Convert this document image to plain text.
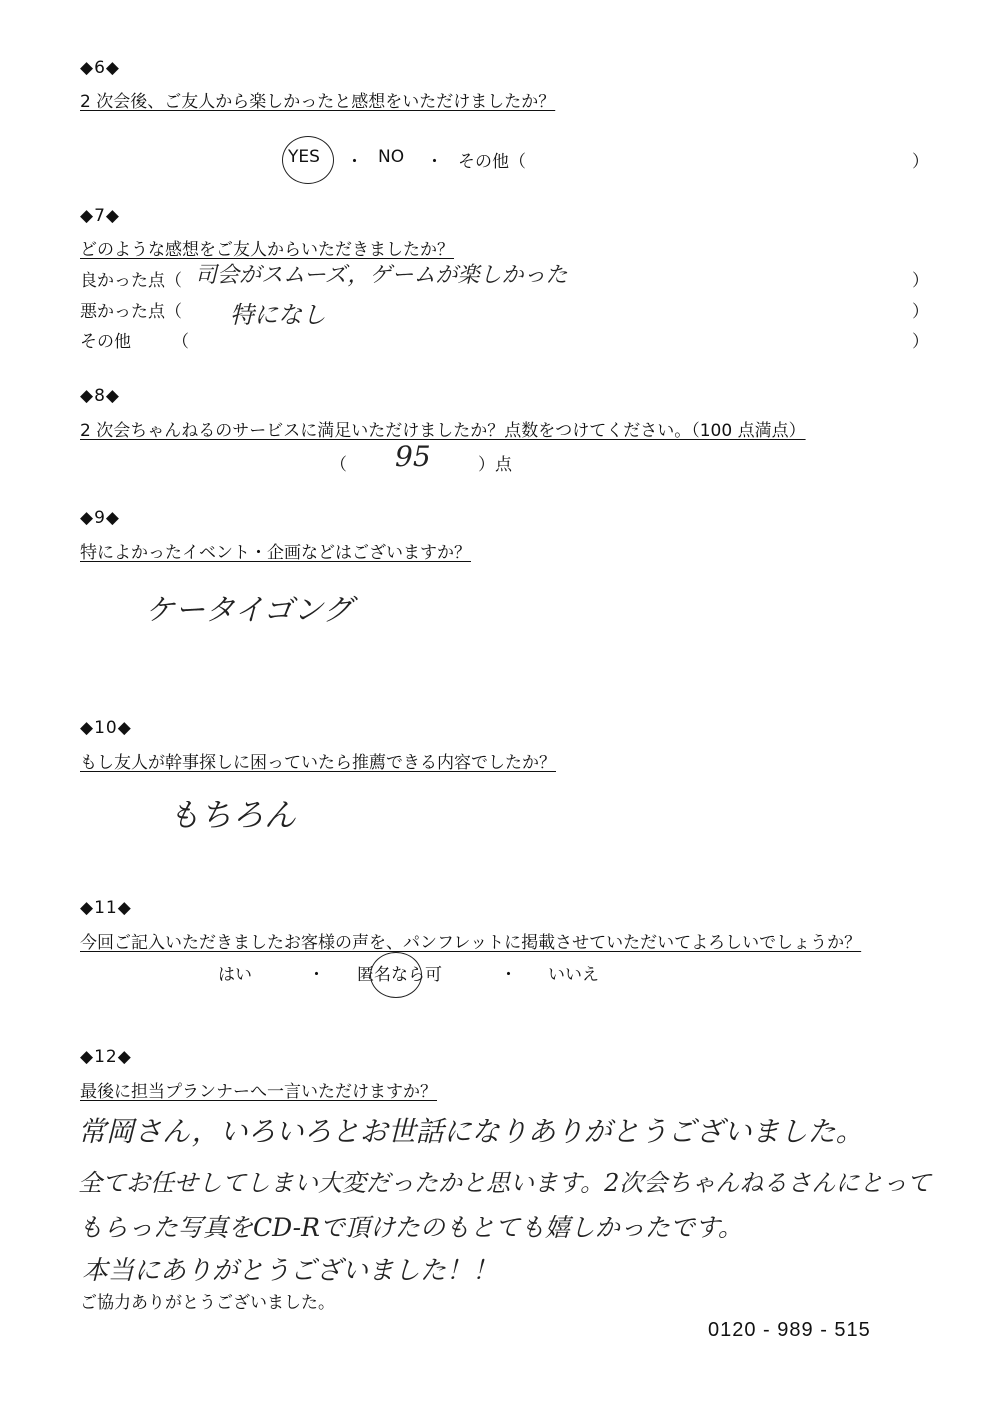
◆6◆
2 次会後、ご友人から楽しかったと感想をいただけましたか？
YES ・ NO ・ その他（	）
◆7◆
どのような感想をご友人からいただきましたか？
良かった点（ 司会がスムーズ，ゲームが楽しかった	）
悪かった点（ 特になし	）
その他 （	）
◆8◆
2 次会ちゃんねるのサービスに満足いただけましたか？点数をつけてください。（100 点満点）
（ 95	）点
◆9◆
特によかったイベント・企画などはございますか？
ケータイゴング
◆10◆
もし友人が幹事探しに困っていたら推薦できる内容でしたか？
もちろん
◆11◆
今回ご記入いただきましたお客様の声を、パンフレットに掲載させていただいてよろしいでしょうか？
はい	・ 匿名なら可	・ いいえ
◆12◆
最後に担当プランナーへ一言いただけますか？
常岡さん，いろいろとお世話になりありがとうございました。
全てお任せしてしまい大変だったかと思います。2次会ちゃんねるさんにとって
もらった写真をCD-Rで頂けたのもとても嬉しかったです。
本当にありがとうございました！！
ご協力ありがとうございました。
0120 - 989 - 515
